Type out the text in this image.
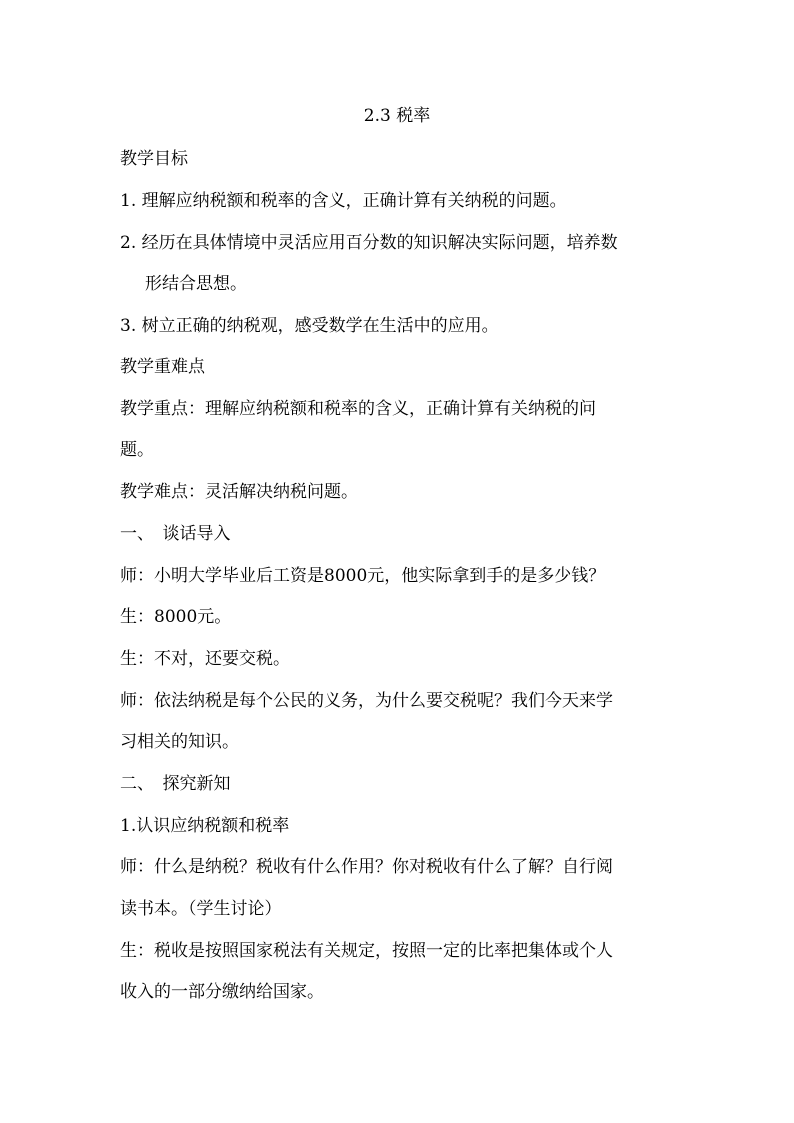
2.3 税率
教学目标
1. 理解应纳税额和税率的含义，正确计算有关纳税的问题。
2. 经历在具体情境中灵活应用百分数的知识解决实际问题，培养数
形结合思想。
3. 树立正确的纳税观，感受数学在生活中的应用。
教学重难点
教学重点：理解应纳税额和税率的含义，正确计算有关纳税的问
题。
教学难点：灵活解决纳税问题。
一、　谈话导入
师：小明大学毕业后工资是8000元，他实际拿到手的是多少钱？
生：8000元。
生：不对，还要交税。
师：依法纳税是每个公民的义务，为什么要交税呢？我们今天来学
习相关的知识。
二、　探究新知
1.认识应纳税额和税率
师：什么是纳税？税收有什么作用？你对税收有什么了解？自行阅
读书本。（学生讨论）
生：税收是按照国家税法有关规定，按照一定的比率把集体或个人
收入的一部分缴纳给国家。
